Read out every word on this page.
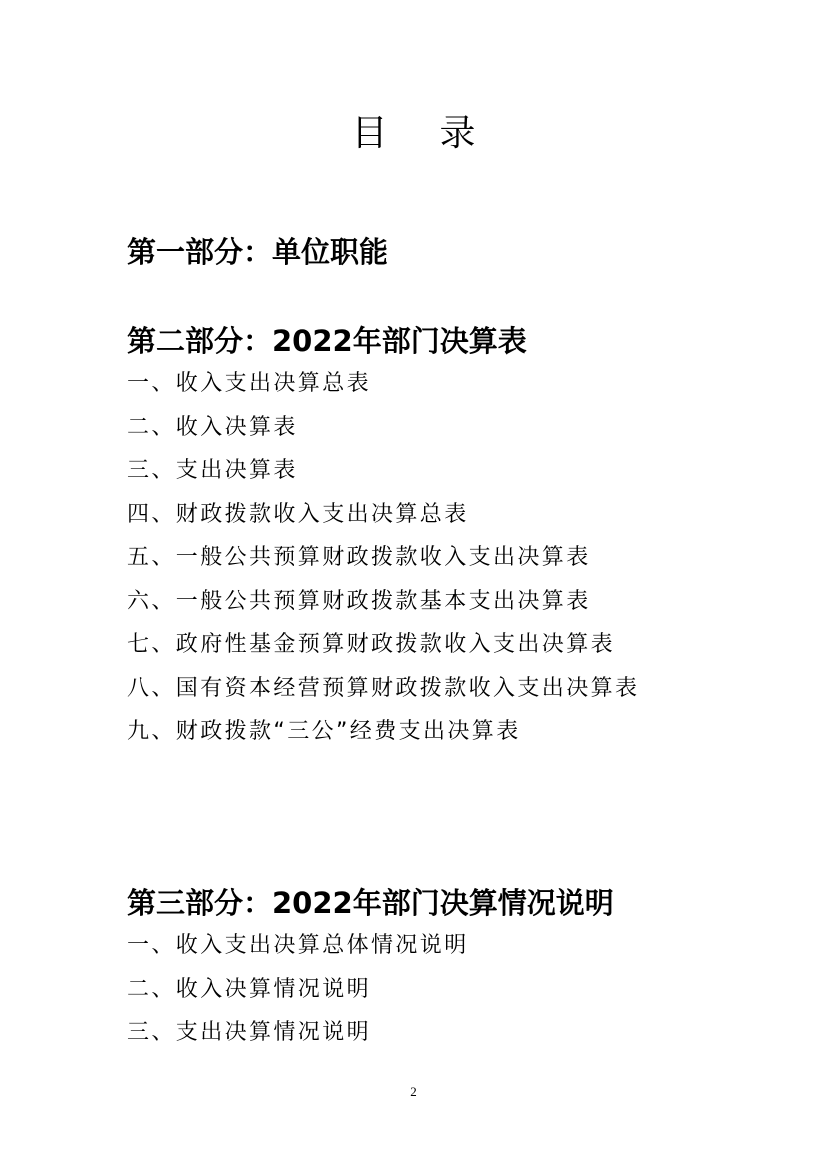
目录
第一部分：单位职能
第二部分：2022年部门决算表
一、收入支出决算总表
二、收入决算表
三、支出决算表
四、财政拨款收入支出决算总表
五、一般公共预算财政拨款收入支出决算表
六、一般公共预算财政拨款基本支出决算表
七、政府性基金预算财政拨款收入支出决算表
八、国有资本经营预算财政拨款收入支出决算表
九、财政拨款“三公”经费支出决算表
第三部分：2022年部门决算情况说明
一、收入支出决算总体情况说明
二、收入决算情况说明
三、支出决算情况说明
2
